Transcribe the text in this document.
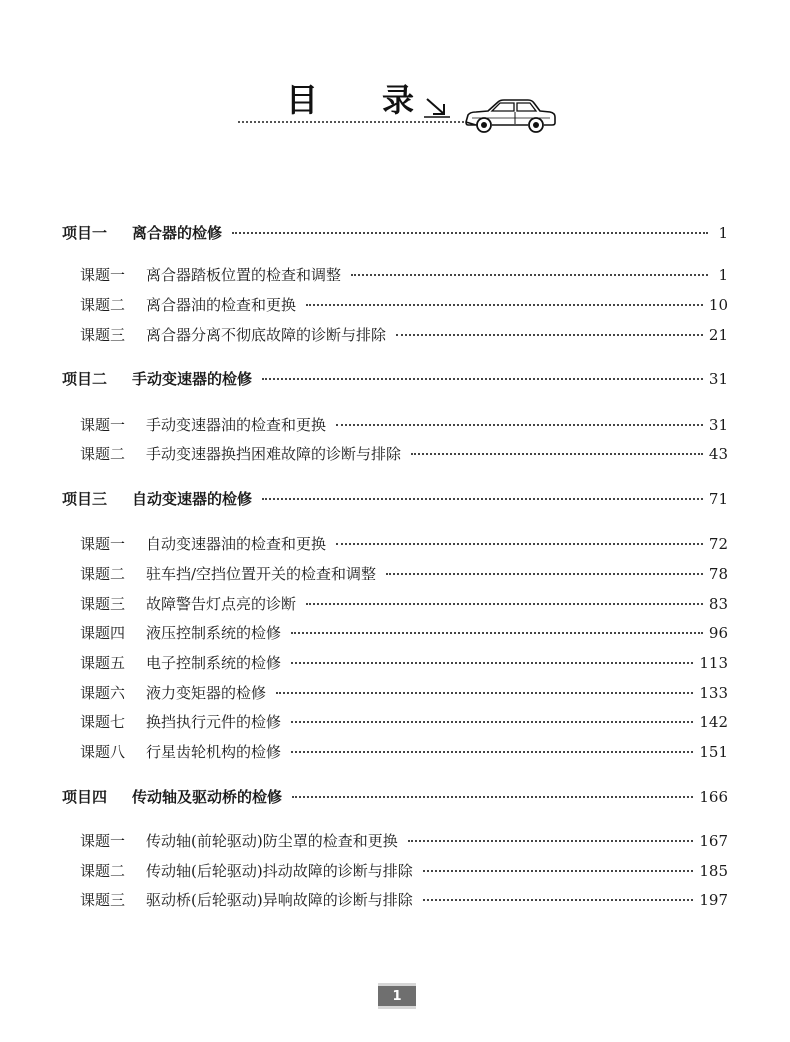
目 录
项目一	离合器的检修	1
课题一	离合器踏板位置的检查和调整	1
课题二	离合器油的检查和更换	10
课题三	离合器分离不彻底故障的诊断与排除	21
项目二	手动变速器的检修	31
课题一	手动变速器油的检查和更换	31
课题二	手动变速器换挡困难故障的诊断与排除	43
项目三	自动变速器的检修	71
课题一	自动变速器油的检查和更换	72
课题二	驻车挡/空挡位置开关的检查和调整	78
课题三	故障警告灯点亮的诊断	83
课题四	液压控制系统的检修	96
课题五	电子控制系统的检修	113
课题六	液力变矩器的检修	133
课题七	换挡执行元件的检修	142
课题八	行星齿轮机构的检修	151
项目四	传动轴及驱动桥的检修	166
课题一	传动轴(前轮驱动)防尘罩的检查和更换	167
课题二	传动轴(后轮驱动)抖动故障的诊断与排除	185
课题三	驱动桥(后轮驱动)异响故障的诊断与排除	197
1
